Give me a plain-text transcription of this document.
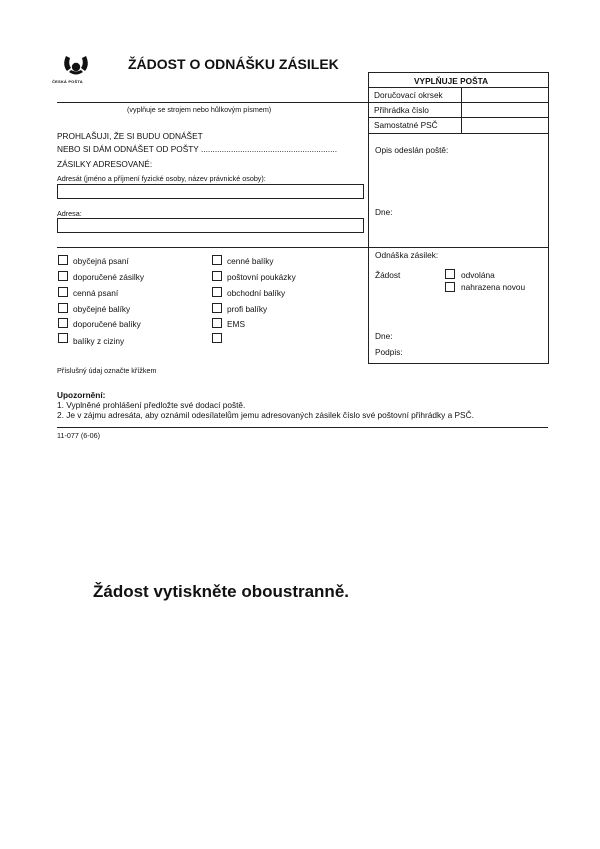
ČESKÁ POŠTA
ŽÁDOST O ODNÁŠKU ZÁSILEK
VYPLŇUJE POŠTA
Doručovací okrsek
Přihrádka číslo
Samostatné PSČ
Opis odeslán poště:
Dne:
Odnáška zásilek:
Žádost	odvolána
nahrazena novou
Dne:
Podpis:
(vyplňuje se strojem nebo hůlkovým písmem)
PROHLAŠUJI, ŽE SI BUDU ODNÁŠET
NEBO SI DÁM ODNÁŠET OD POŠTY ...........................................................
ZÁSILKY ADRESOVANÉ:
Adresát (jméno a příjmení fyzické osoby, název právnické osoby):
Adresa:
obyčejná psaní
doporučené zásilky
cenná psaní
obyčejné balíky
doporučené balíky
balíky z ciziny
cenné balíky
poštovní poukázky
obchodní balíky
profi balíky
EMS
Příslušný údaj označte křížkem
Upozornění:
1. Vyplněné prohlášení předložte své dodací poště.
2. Je v zájmu adresáta, aby oznámil odesílatelům jemu adresovaných zásilek číslo své poštovní přihrádky a PSČ.
11-077 (6-06)
Žádost vytiskněte oboustranně.
